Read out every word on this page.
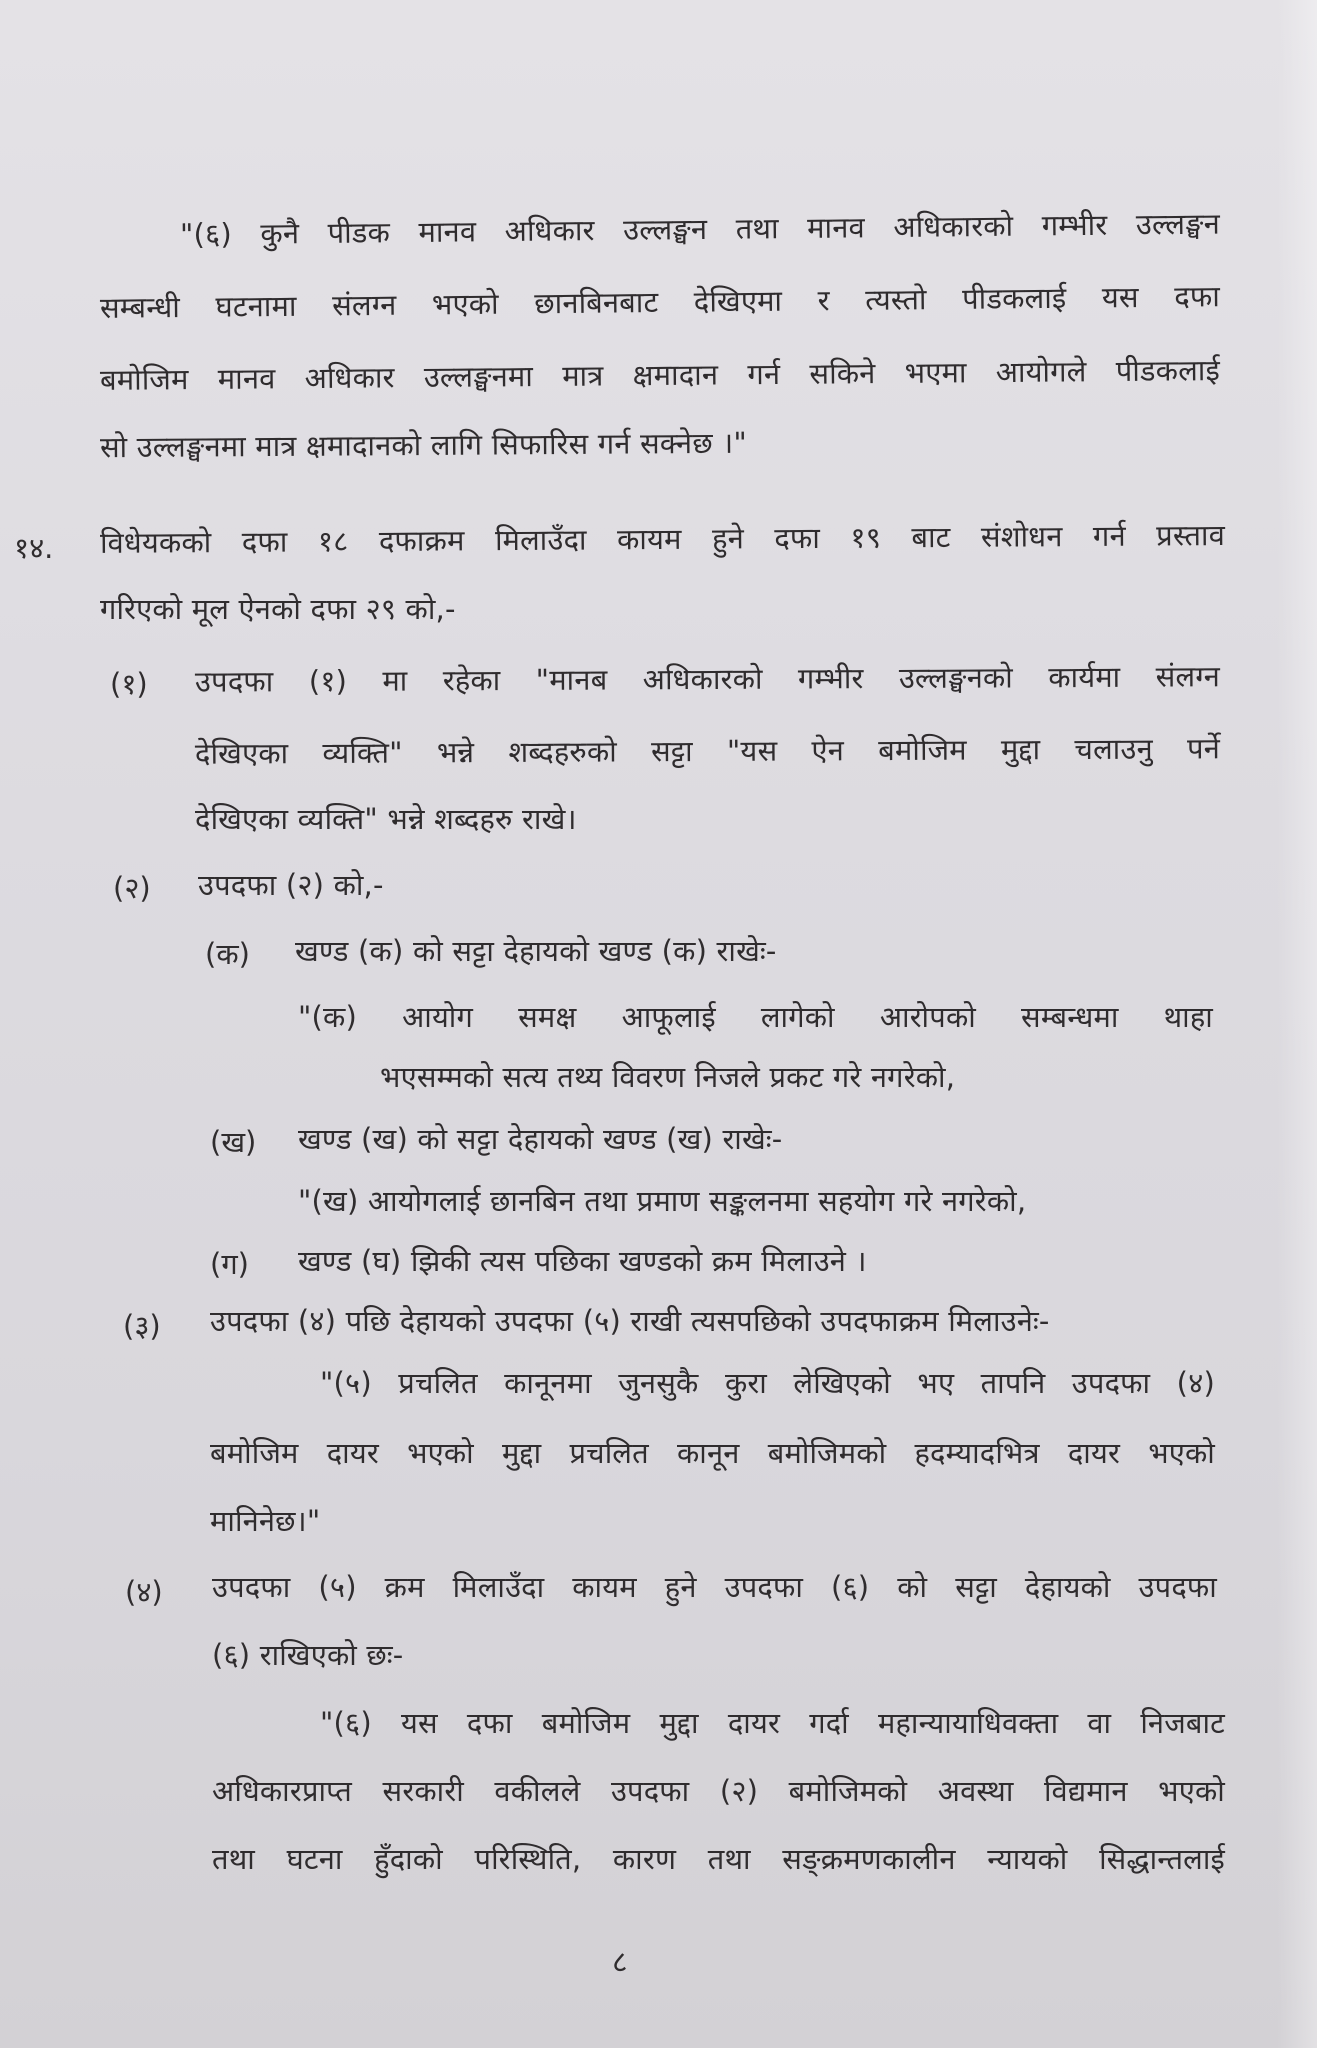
"(६) कुनै पीडक मानव अधिकार उल्लङ्घन तथा मानव अधिकारको गम्भीर उल्लङ्घन
सम्बन्धी घटनामा संलग्न भएको छानबिनबाट देखिएमा र त्यस्तो पीडकलाई यस दफा
बमोजिम मानव अधिकार उल्लङ्घनमा मात्र क्षमादान गर्न सकिने भएमा आयोगले पीडकलाई
सो उल्लङ्घनमा मात्र क्षमादानको लागि सिफारिस गर्न सक्नेछ ।"
१४. विधेयकको दफा १८ दफाक्रम मिलाउँदा कायम हुने दफा १९ बाट संशोधन गर्न प्रस्ताव
गरिएको मूल ऐनको दफा २९ को,-
(१) उपदफा (१) मा रहेका "मानब अधिकारको गम्भीर उल्लङ्घनको कार्यमा संलग्न
देखिएका व्यक्ति" भन्ने शब्दहरुको सट्टा "यस ऐन बमोजिम मुद्दा चलाउनु पर्ने
देखिएका व्यक्ति" भन्ने शब्दहरु राखे।
(२) उपदफा (२) को,-
(क) खण्ड (क) को सट्टा देहायको खण्ड (क) राखेः-
"(क) आयोग समक्ष आफूलाई लागेको आरोपको सम्बन्धमा थाहा
भएसम्मको सत्य तथ्य विवरण निजले प्रकट गरे नगरेको,
(ख) खण्ड (ख) को सट्टा देहायको खण्ड (ख) राखेः-
"(ख) आयोगलाई छानबिन तथा प्रमाण सङ्कलनमा सहयोग गरे नगरेको,
(ग) खण्ड (घ) झिकी त्यस पछिका खण्डको क्रम मिलाउने ।
(३) उपदफा (४) पछि देहायको उपदफा (५) राखी त्यसपछिको उपदफाक्रम मिलाउनेः-
"(५) प्रचलित कानूनमा जुनसुकै कुरा लेखिएको भए तापनि उपदफा (४)
बमोजिम दायर भएको मुद्दा प्रचलित कानून बमोजिमको हदम्यादभित्र दायर भएको
मानिनेछ।"
(४) उपदफा (५) क्रम मिलाउँदा कायम हुने उपदफा (६) को सट्टा देहायको उपदफा
(६) राखिएको छः-
"(६) यस दफा बमोजिम मुद्दा दायर गर्दा महान्यायाधिवक्ता वा निजबाट
अधिकारप्राप्त सरकारी वकीलले उपदफा (२) बमोजिमको अवस्था विद्यमान भएको
तथा घटना हुँदाको परिस्थिति, कारण तथा सङ्क्रमणकालीन न्यायको सिद्धान्तलाई
८
